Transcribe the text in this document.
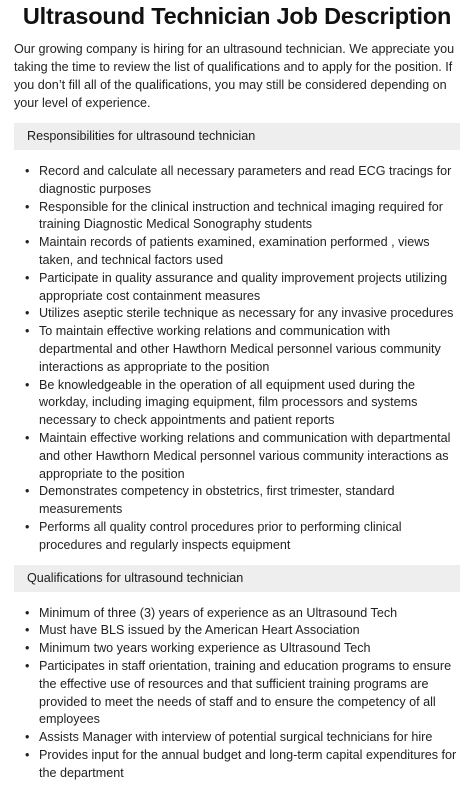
Ultrasound Technician Job Description

Our growing company is hiring for an ultrasound technician. We appreciate you taking the time to review the list of qualifications and to apply for the position. If you don’t fill all of the qualifications, you may still be considered depending on your level of experience.

Responsibilities for ultrasound technician
• Record and calculate all necessary parameters and read ECG tracings for diagnostic purposes
• Responsible for the clinical instruction and technical imaging required for training Diagnostic Medical Sonography students
• Maintain records of patients examined, examination performed , views taken, and technical factors used
• Participate in quality assurance and quality improvement projects utilizing appropriate cost containment measures
• Utilizes aseptic sterile technique as necessary for any invasive procedures
• To maintain effective working relations and communication with departmental and other Hawthorn Medical personnel various community interactions as appropriate to the position
• Be knowledgeable in the operation of all equipment used during the workday, including imaging equipment, film processors and systems necessary to check appointments and patient reports
• Maintain effective working relations and communication with departmental and other Hawthorn Medical personnel various community interactions as appropriate to the position
• Demonstrates competency in obstetrics, first trimester, standard measurements
• Performs all quality control procedures prior to performing clinical procedures and regularly inspects equipment
Qualifications for ultrasound technician
• Minimum of three (3) years of experience as an Ultrasound Tech
• Must have BLS issued by the American Heart Association
• Minimum two years working experience as Ultrasound Tech
• Participates in staff orientation, training and education programs to ensure the effective use of resources and that sufficient training programs are provided to meet the needs of staff and to ensure the competency of all employees
• Assists Manager with interview of potential surgical technicians for hire
• Provides input for the annual budget and long-term capital expenditures for the department
